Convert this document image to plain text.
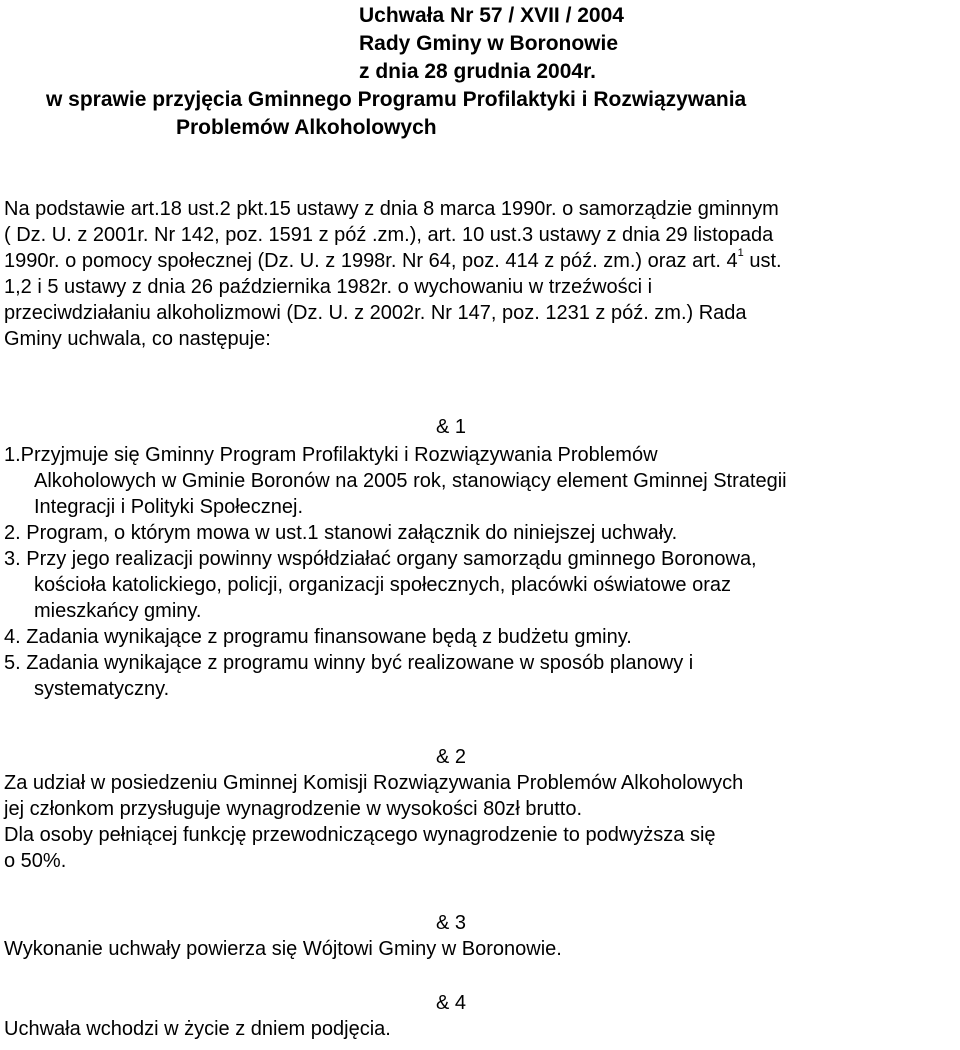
Uchwała Nr 57 / XVII / 2004
Rady Gminy w Boronowie
z dnia 28 grudnia 2004r.
w sprawie przyjęcia Gminnego Programu Profilaktyki i Rozwiązywania
Problemów Alkoholowych
Na podstawie art.18 ust.2 pkt.15 ustawy z dnia 8 marca 1990r. o samorządzie gminnym
( Dz. U. z 2001r. Nr 142, poz. 1591 z póź .zm.), art. 10 ust.3 ustawy z dnia 29 listopada
1990r. o pomocy społecznej (Dz. U. z 1998r. Nr 64, poz. 414 z póź. zm.) oraz art. $4^1$ ust.
1,2 i 5 ustawy z dnia 26 października 1982r. o wychowaniu w trzeźwości i
przeciwdziałaniu alkoholizmowi (Dz. U. z 2002r. Nr 147, poz. 1231 z póź. zm.) Rada
Gminy uchwala, co następuje:
& 1
1.Przyjmuje się Gminny Program Profilaktyki i Rozwiązywania Problemów
Alkoholowych w Gminie Boronów na 2005 rok, stanowiący element Gminnej Strategii
Integracji i Polityki Społecznej.
2. Program, o którym mowa w ust.1 stanowi załącznik do niniejszej uchwały.
3. Przy jego realizacji powinny współdziałać organy samorządu gminnego Boronowa,
kościoła katolickiego, policji, organizacji społecznych, placówki oświatowe oraz
mieszkańcy gminy.
4. Zadania wynikające z programu finansowane będą z budżetu gminy.
5. Zadania wynikające z programu winny być realizowane w sposób planowy i
systematyczny.
& 2
Za udział w posiedzeniu Gminnej Komisji Rozwiązywania Problemów Alkoholowych
jej członkom przysługuje wynagrodzenie w wysokości 80zł brutto.
Dla osoby pełniącej funkcję przewodniczącego wynagrodzenie to podwyższa się
o 50%.
& 3
Wykonanie uchwały powierza się Wójtowi Gminy w Boronowie.
& 4
Uchwała wchodzi w życie z dniem podjęcia.
